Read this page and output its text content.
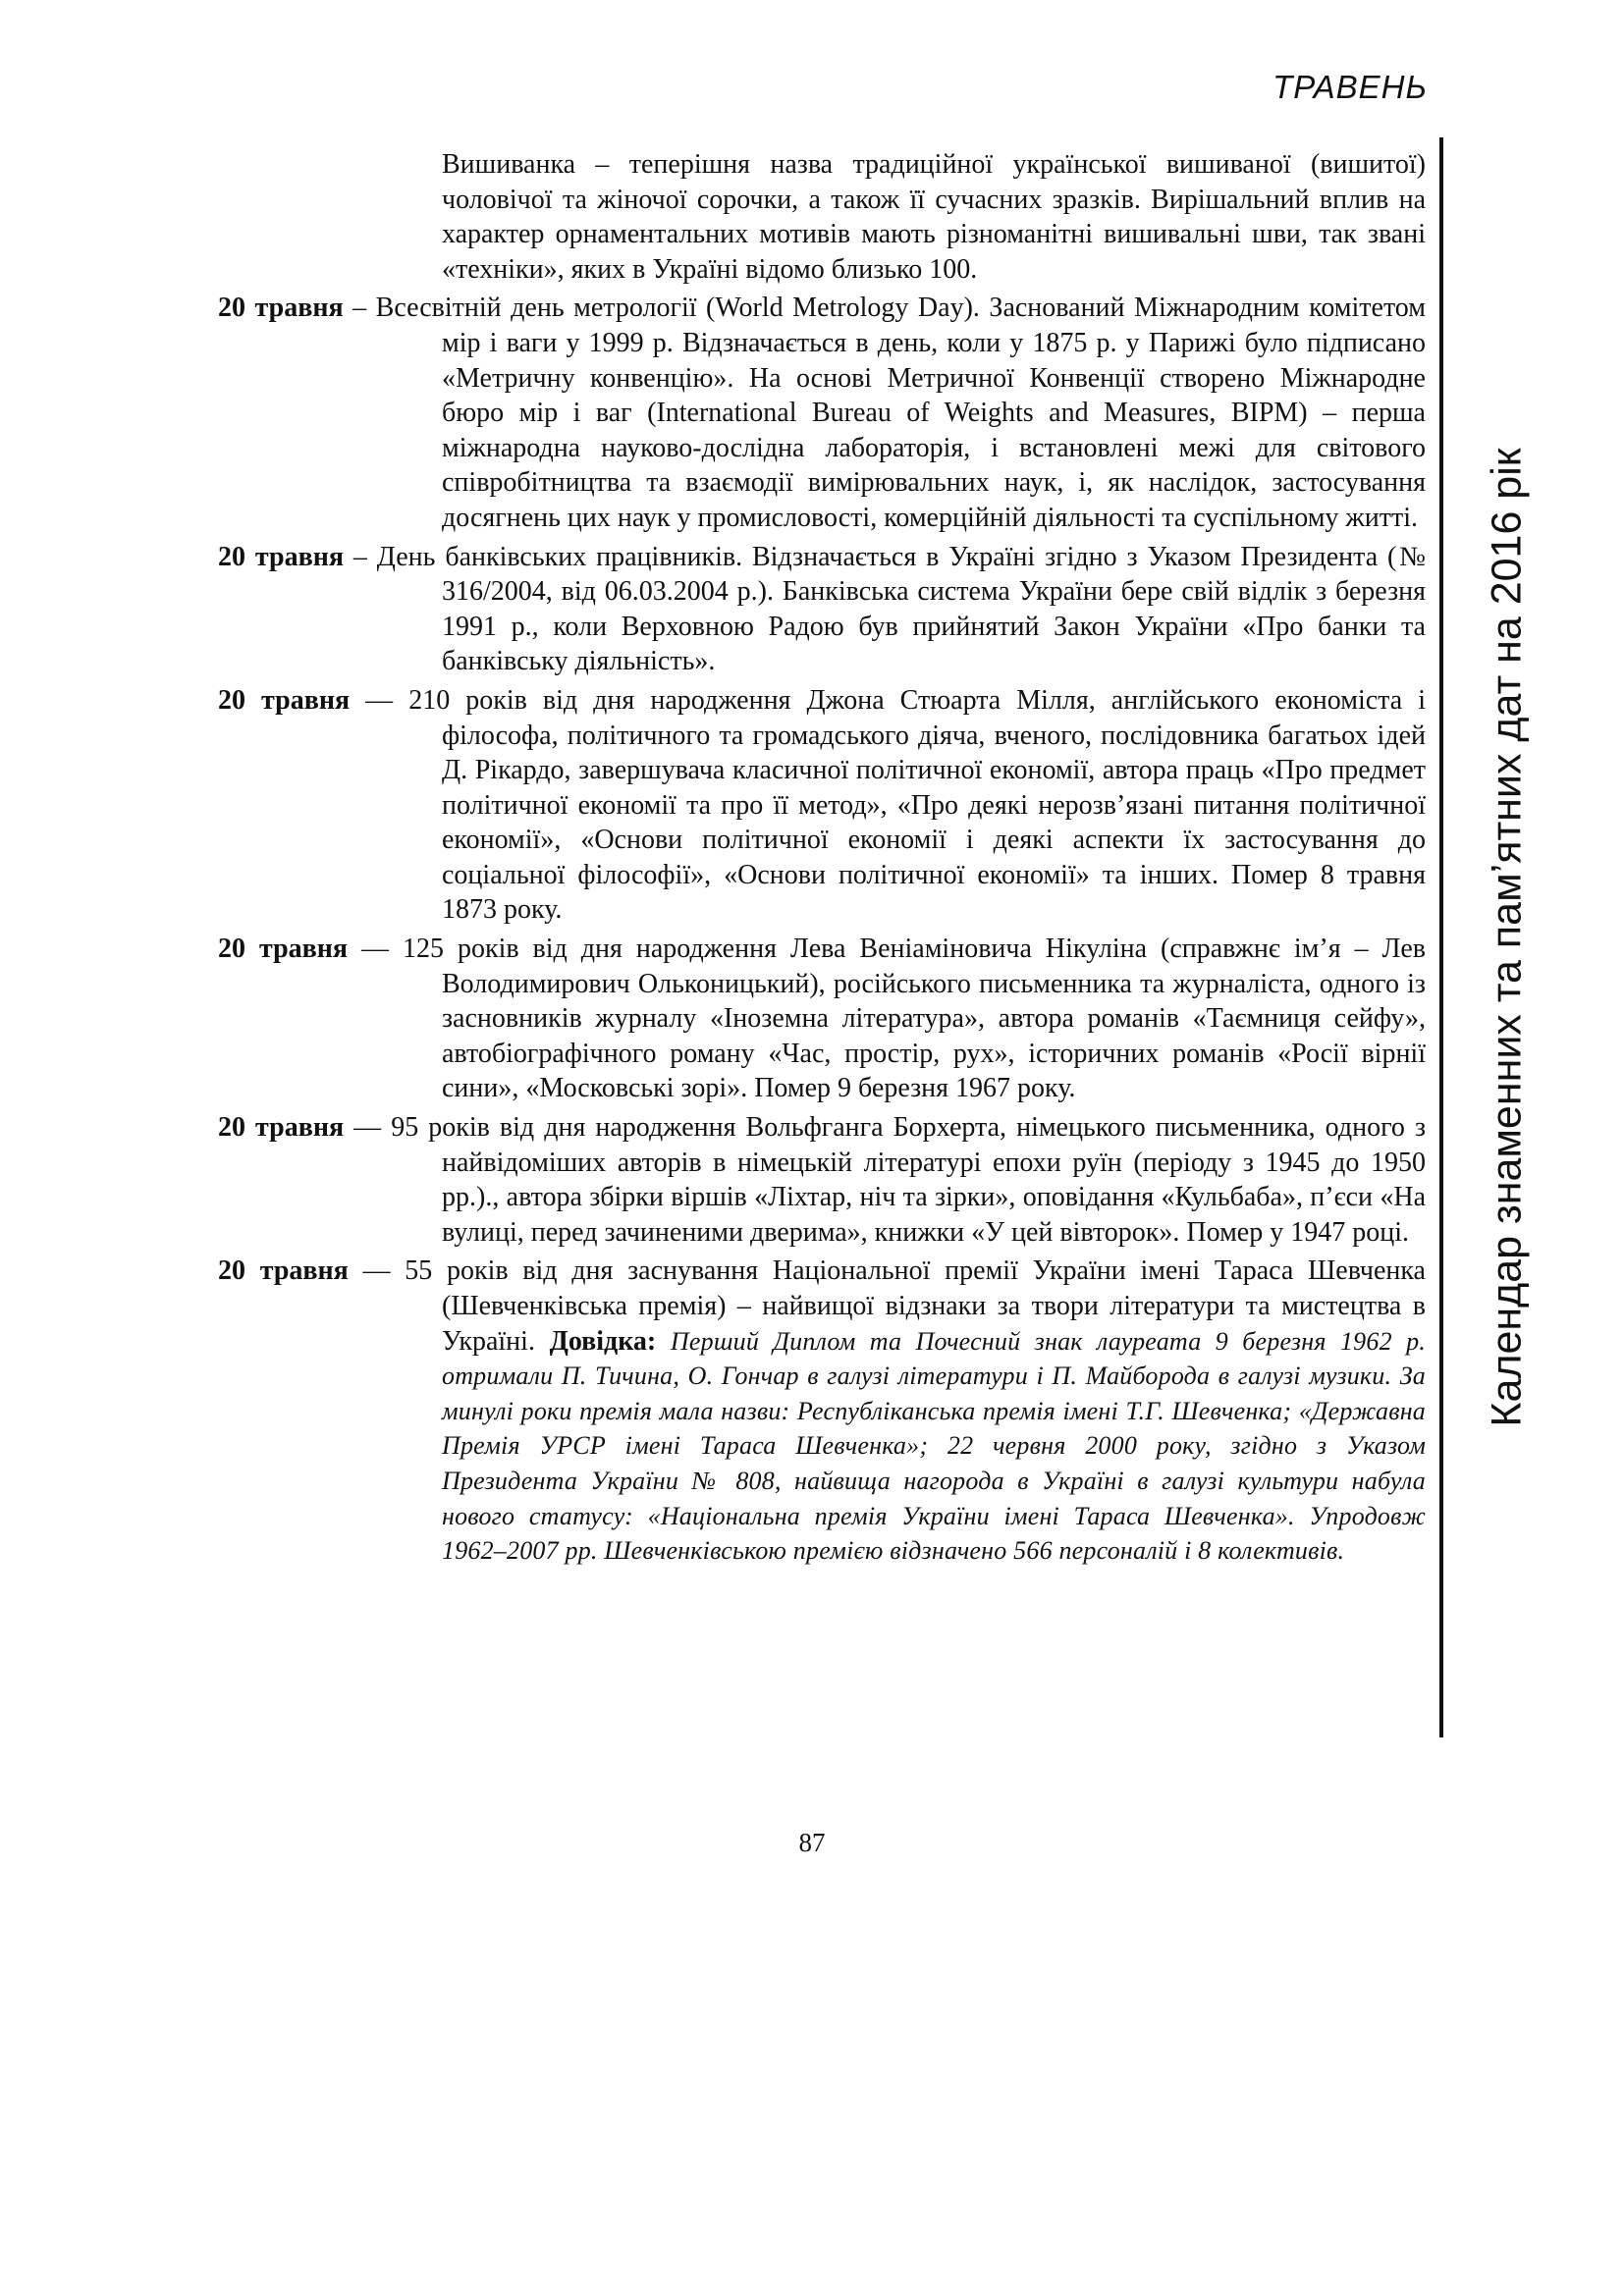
ТРАВЕНЬ
Календар знаменних та пам’ятних дат на 2016 рік

Вишиванка – теперішня назва традиційної української вишиваної (вишитої) чоловічої та жіночої сорочки, а також її сучасних зразків. Вирішальний вплив на характер орнаментальних мотивів мають різноманітні вишивальні шви, так звані «техніки», яких в Україні відомо близько 100.

20 травня – Всесвітній день метрології (World Metrology Day). Заснований Міжнародним комітетом мір і ваги у 1999 р. Відзначається в день, коли у 1875 р. у Парижі було підписано «Метричну конвенцію». На основі Метричної Конвенції створено Міжнародне бюро мір і ваг (International Bureau of Weights and Measures, BIPM) – перша міжнародна науково-дослідна лабораторія, і встановлені межі для світового співробітництва та взаємодії вимірювальних наук, і, як наслідок, застосування досягнень цих наук у промисловості, комерційній діяльності та суспільному житті.

20 травня – День банківських працівників. Відзначається в Україні згідно з Указом Президента (№ 316/2004, від 06.03.2004 р.). Банківська система України бере свій відлік з березня 1991 р., коли Верховною Радою був прийнятий Закон України «Про банки та банківську діяльність».

20 травня — 210 років від дня народження Джона Стюарта Мілля, англійського економіста і філософа, політичного та громадського діяча, вченого, послідовника багатьох ідей Д. Рікардо, завершувача класичної політичної економії, автора праць «Про предмет політичної економії та про її метод», «Про деякі нерозв’язані питання політичної економії», «Основи політичної економії і деякі аспекти їх застосування до соціальної філософії», «Основи політичної економії» та інших. Помер 8 травня 1873 року.

20 травня — 125 років від дня народження Лева Веніаміновича Нікуліна (справжнє ім’я – Лев Володимирович Ольконицький), російського письменника та журналіста, одного із засновників журналу «Іноземна література», автора романів «Таємниця сейфу», автобіографічного роману «Час, простір, рух», історичних романів «Росії вірнії сини», «Московські зорі». Помер 9 березня 1967 року.

20 травня — 95 років від дня народження Вольфганга Борхерта, німецького письменника, одного з найвідоміших авторів в німецькій літературі епохи руїн (періоду з 1945 до 1950 рр.)., автора збірки віршів «Ліхтар, ніч та зірки», оповідання «Кульбаба», п’єси «На вулиці, перед зачиненими дверима», книжки «У цей вівторок». Помер у 1947 році.

20 травня — 55 років від дня заснування Національної премії України імені Тараса Шевченка (Шевченківська премія) – найвищої відзнаки за твори літератури та мистецтва в Україні. Довідка: Перший Диплом та Почесний знак лауреата 9 березня 1962 р. отримали П. Тичина, О. Гончар в галузі літератури і П. Майборода в галузі музики. За минулі роки премія мала назви: Республіканська премія імені Т.Г. Шевченка; «Державна Премія УРСР імені Тараса Шевченка»; 22 червня 2000 року, згідно з Указом Президента України № 808, найвища нагорода в Україні в галузі культури набула нового статусу: «Національна премія України імені Тараса Шевченка». Упродовж 1962–2007 рр. Шевченківською премією відзначено 566 персоналій і 8 колективів.

87
